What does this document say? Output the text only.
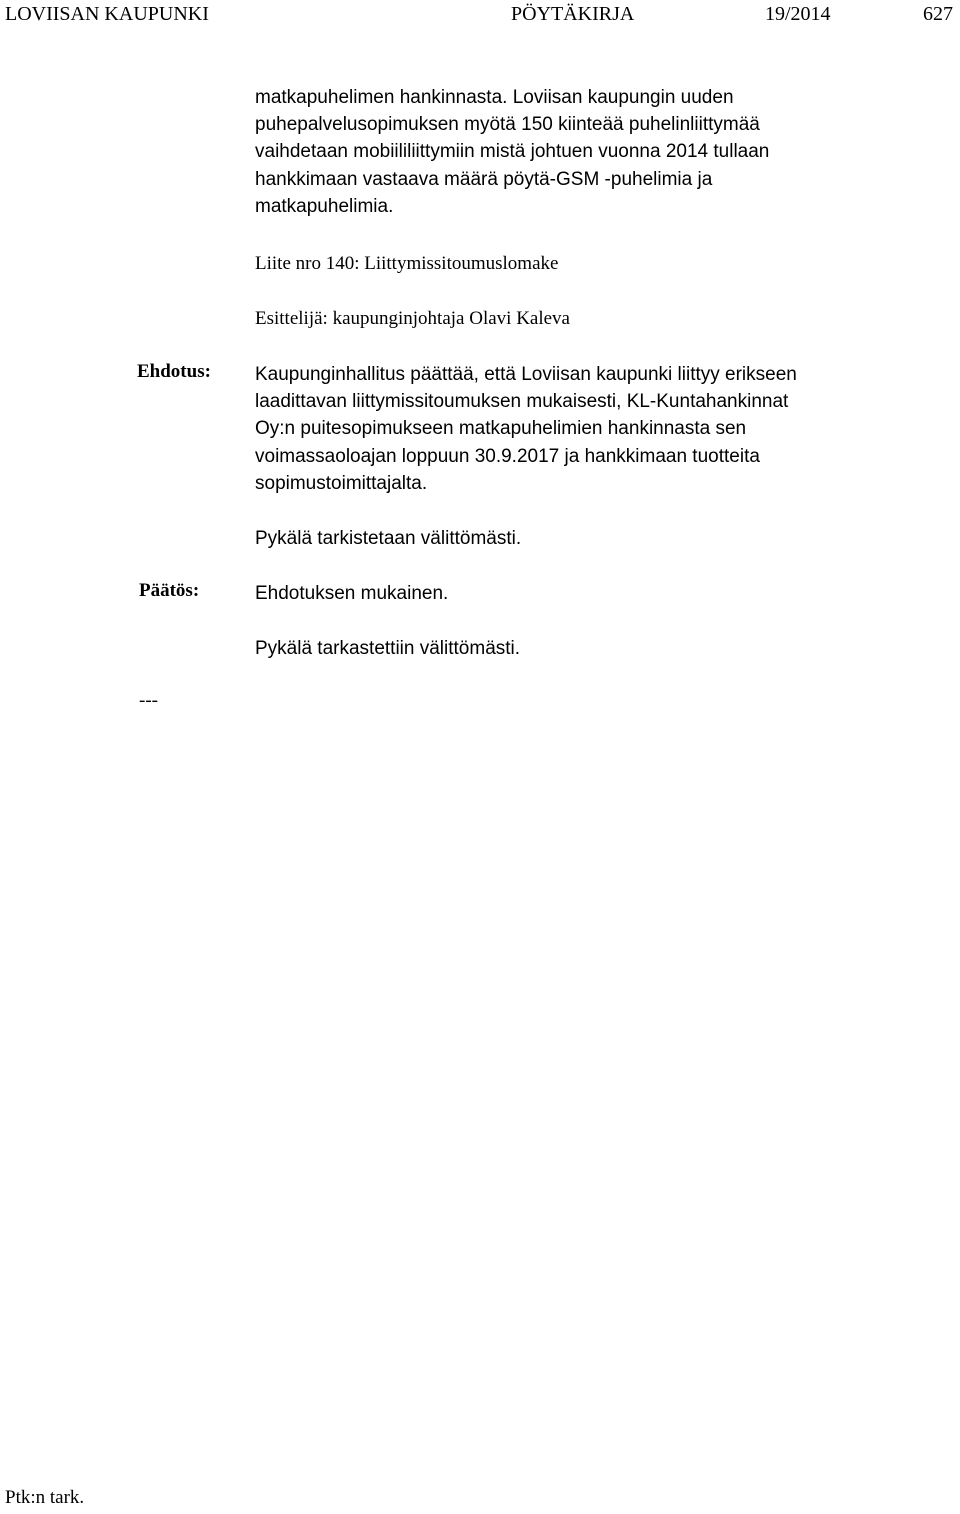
LOVIISAN KAUPUNKI	PÖYTÄKIRJA	19/2014	627
matkapuhelimen hankinnasta. Loviisan kaupungin uuden
puhepalvelusopimuksen myötä 150 kiinteää puhelinliittymää
vaihdetaan mobiililiittymiin mistä johtuen vuonna 2014 tullaan
hankkimaan vastaava määrä pöytä-GSM -puhelimia ja
matkapuhelimia.
Liite nro 140: Liittymissitoumuslomake
Esittelijä: kaupunginjohtaja Olavi Kaleva
Ehdotus: Kaupunginhallitus päättää, että Loviisan kaupunki liittyy erikseen
laadittavan liittymissitoumuksen mukaisesti, KL-Kuntahankinnat
Oy:n puitesopimukseen matkapuhelimien hankinnasta sen
voimassaoloajan loppuun 30.9.2017 ja hankkimaan tuotteita
sopimustoimittajalta.
Pykälä tarkistetaan välittömästi.
Päätös:	Ehdotuksen mukainen.
Pykälä tarkastettiin välittömästi.
---
Ptk:n tark.
